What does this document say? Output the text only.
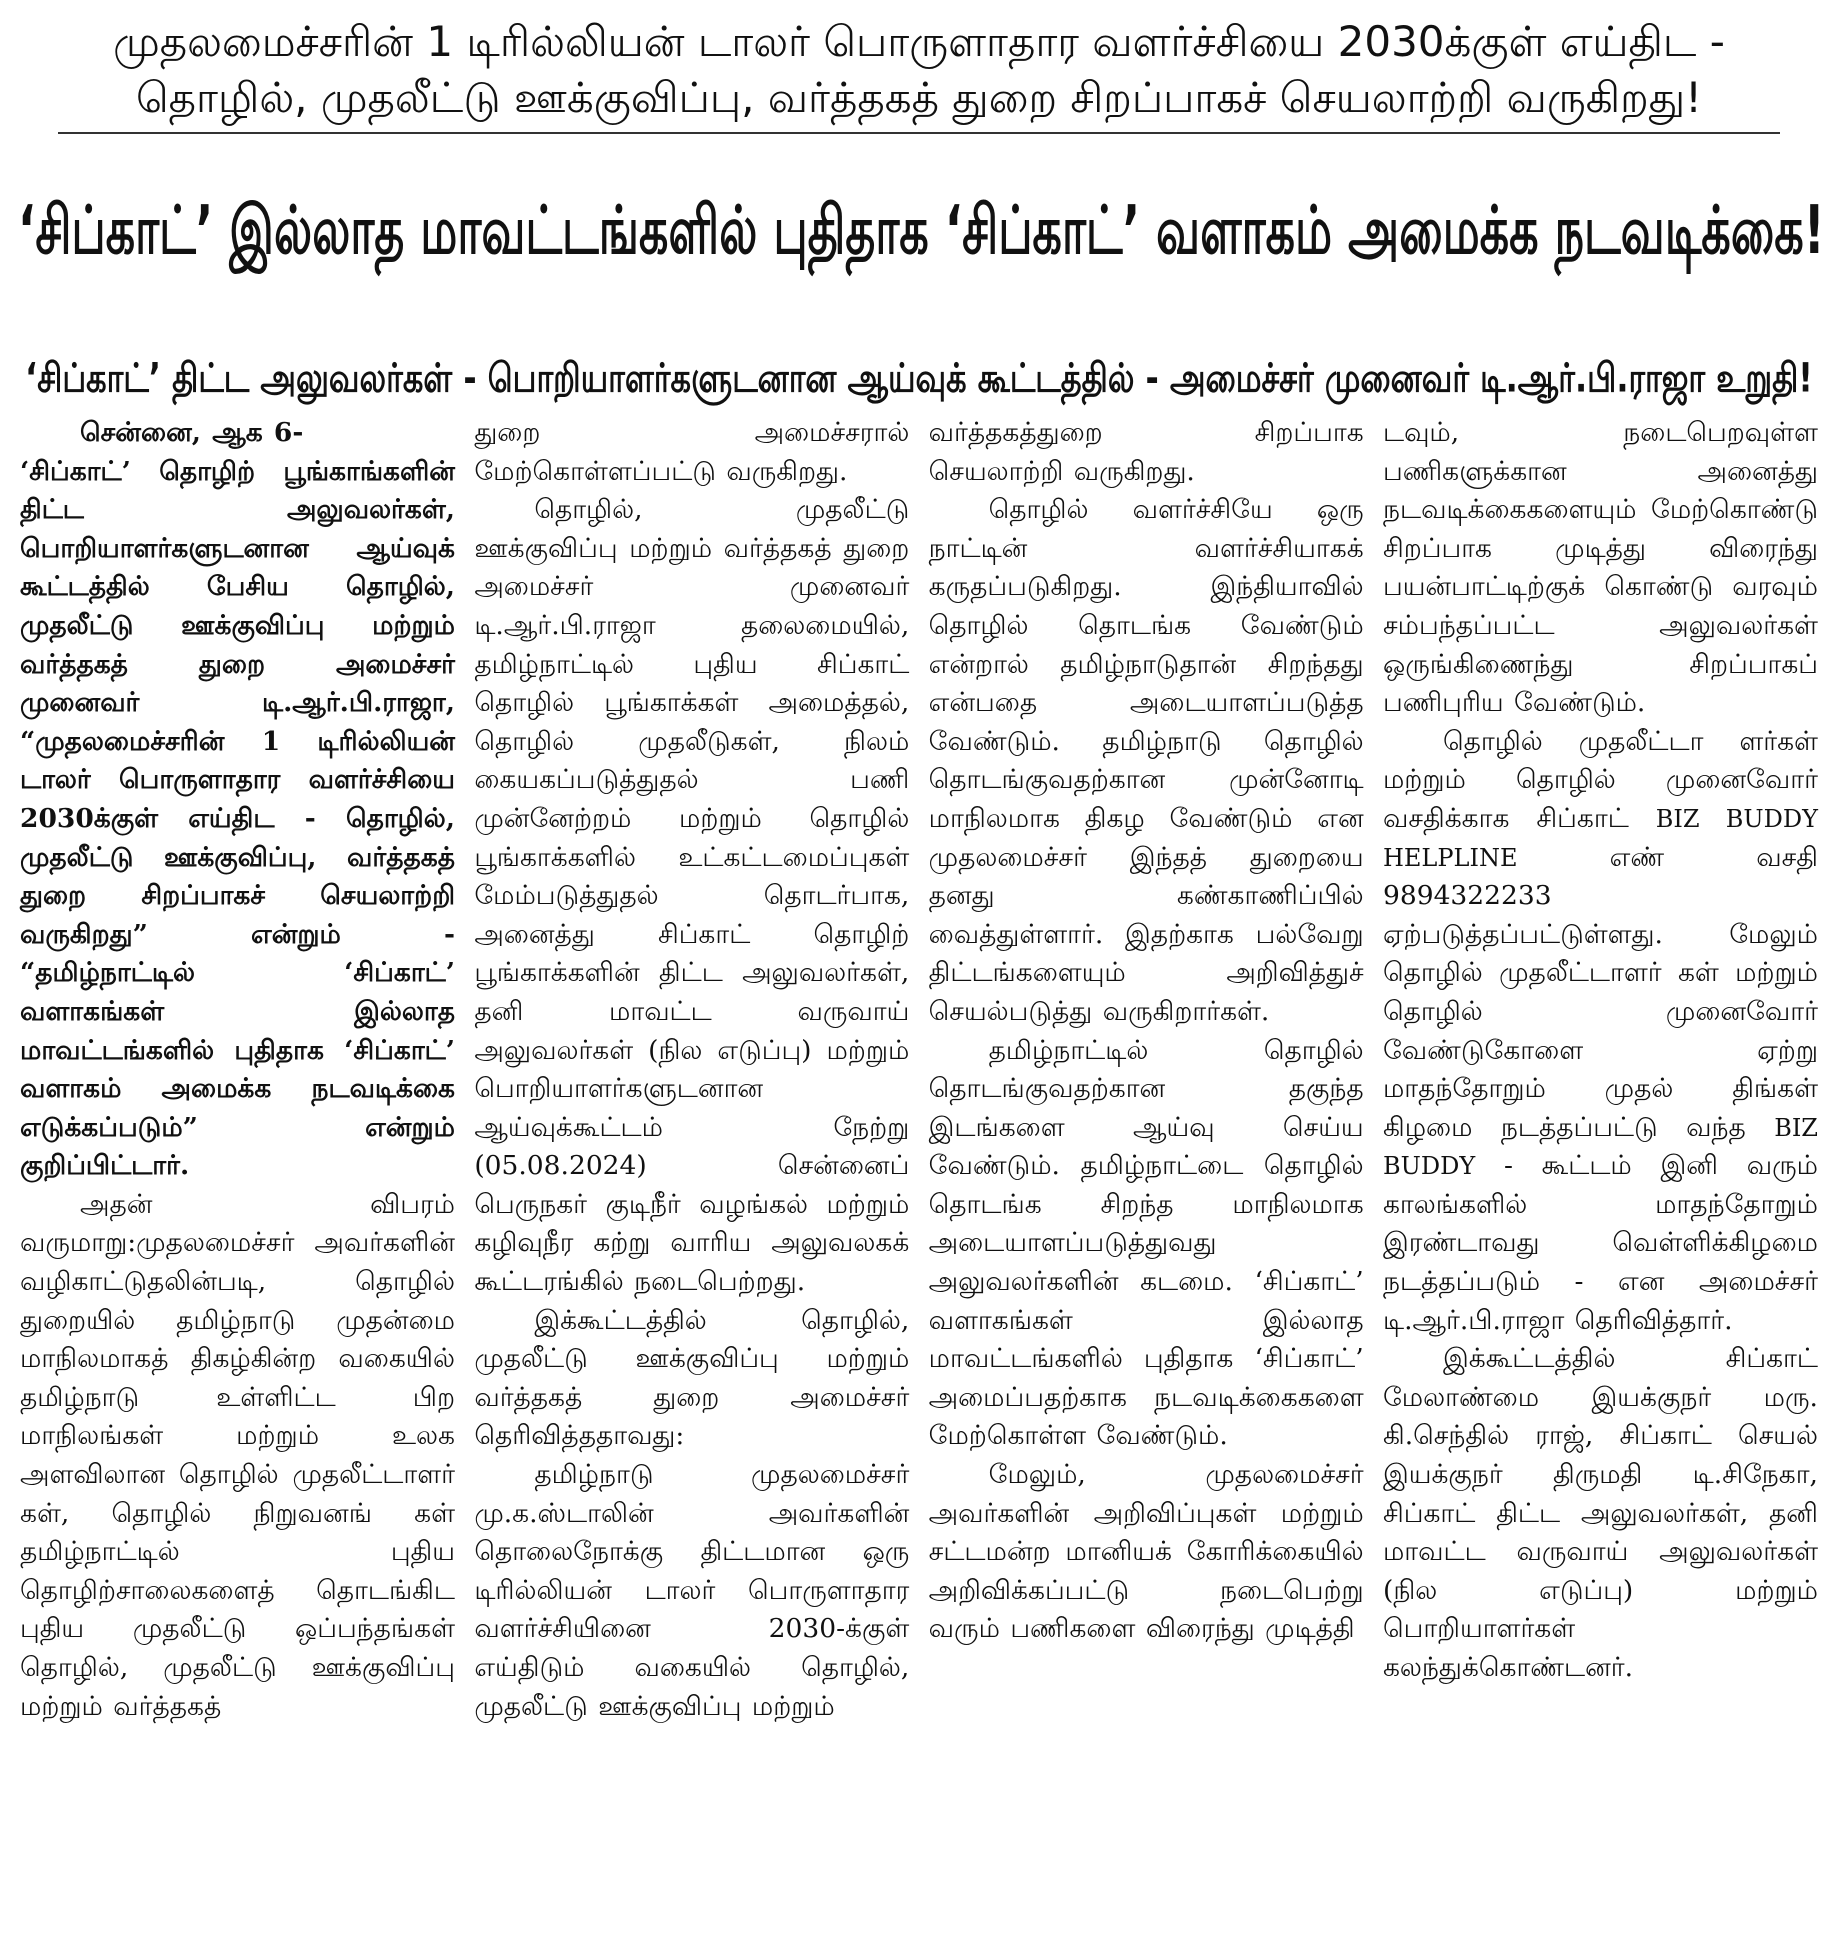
முதலமைச்சரின் 1 டிரில்லியன் டாலர் பொருளாதார வளர்ச்சியை 2030க்குள் எய்திட -
தொழில், முதலீட்டு ஊக்குவிப்பு, வர்த்தகத் துறை சிறப்பாகச் செயலாற்றி வருகிறது!
‘சிப்காட்’ இல்லாத மாவட்டங்களில் புதிதாக ‘சிப்காட்’ வளாகம் அமைக்க நடவடிக்கை!
‘சிப்காட்’ திட்ட அலுவலர்கள் - பொறியாளர்களுடனான ஆய்வுக் கூட்டத்தில் - அமைச்சர் முனைவர் டி.ஆர்.பி.ராஜா உறுதி!

சென்னை, ஆக 6-

‘சிப்காட்’ தொழிற் பூங்காங்களின் திட்ட அலுவலர்கள், பொறியாளர்களுடனான ஆய்வுக் கூட்டத்தில் பேசிய தொழில், முதலீட்டு ஊக்குவிப்பு மற்றும் வர்த்தகத் துறை அமைச்சர் முனைவர் டி.ஆர்.பி.ராஜா, “முதலமைச்சரின் 1 டிரில்லியன் டாலர் பொருளாதார வளர்ச்சியை 2030க்குள் எய்திட - தொழில், முதலீட்டு ஊக்குவிப்பு, வர்த்தகத் துறை சிறப்பாகச் செயலாற்றி வருகிறது” என்றும் - “தமிழ்நாட்டில் ‘சிப்காட்’ வளாகங்கள் இல்லாத மாவட்டங்களில் புதிதாக ‘சிப்காட்’ வளாகம் அமைக்க நடவடிக்கை எடுக்கப்படும்” என்றும் குறிப்பிட்டார்.

அதன் விபரம் வருமாறு:முதலமைச்சர் அவர்களின் வழிகாட்டுதலின்படி, தொழில் துறையில் தமிழ்நாடு முதன்மை மாநிலமாகத் திகழ்கின்ற வகையில் தமிழ்நாடு உள்ளிட்ட பிற மாநிலங்கள் மற்றும் உலக அளவிலான தொழில் முதலீட்டாளர் கள், தொழில் நிறுவனங் கள் தமிழ்நாட்டில் புதிய தொழிற்சாலைகளைத் தொடங்கிட புதிய முதலீட்டு ஒப்பந்தங்கள் தொழில், முதலீட்டு ஊக்குவிப்பு மற்றும் வர்த்தகத்

துறை அமைச்சரால் மேற்கொள்ளப்பட்டு வருகிறது.

தொழில், முதலீட்டு ஊக்குவிப்பு மற்றும் வர்த்தகத் துறை அமைச்சர் முனைவர் டி.ஆர்.பி.ராஜா தலைமையில், தமிழ்நாட்டில் புதிய சிப்காட் தொழில் பூங்காக்கள் அமைத்தல், தொழில் முதலீடுகள், நிலம் கையகப்படுத்துதல் பணி முன்னேற்றம் மற்றும் தொழில் பூங்காக்களில் உட்கட்டமைப்புகள் மேம்படுத்துதல் தொடர்பாக, அனைத்து சிப்காட் தொழிற் பூங்காக்களின் திட்ட அலுவலர்கள், தனி மாவட்ட வருவாய் அலுவலர்கள் (நில எடுப்பு) மற்றும் பொறியாளர்களுடனான ஆய்வுக்கூட்டம் நேற்று (05.08.2024) சென்னைப் பெருநகர் குடிநீர் வழங்கல் மற்றும் கழிவுநீர கற்று வாரிய அலுவலகக் கூட்டரங்கில் நடைபெற்றது.

இக்கூட்டத்தில் தொழில், முதலீட்டு ஊக்குவிப்பு மற்றும் வர்த்தகத் துறை அமைச்சர் தெரிவித்ததாவது:

தமிழ்நாடு முதலமைச்சர் மு.க.ஸ்டாலின் அவர்களின் தொலைநோக்கு திட்டமான ஒரு டிரில்லியன் டாலர் பொருளாதார வளர்ச்சியினை 2030-க்குள் எய்திடும் வகையில் தொழில், முதலீட்டு ஊக்குவிப்பு மற்றும்

வர்த்தகத்துறை சிறப்பாக செயலாற்றி வருகிறது.

தொழில் வளர்ச்சியே ஒரு நாட்டின் வளர்ச்சியாகக் கருதப்படுகிறது. இந்தியாவில் தொழில் தொடங்க வேண்டும் என்றால் தமிழ்நாடுதான் சிறந்தது என்பதை அடையாளப்படுத்த வேண்டும். தமிழ்நாடு தொழில் தொடங்குவதற்கான முன்னோடி மாநிலமாக திகழ வேண்டும் என முதலமைச்சர் இந்தத் துறையை தனது கண்காணிப்பில் வைத்துள்ளார். இதற்காக பல்வேறு திட்டங்களையும் அறிவித்துச் செயல்படுத்து வருகிறார்கள்.

தமிழ்நாட்டில் தொழில் தொடங்குவதற்கான தகுந்த இடங்களை ஆய்வு செய்ய வேண்டும். தமிழ்நாட்டை தொழில் தொடங்க சிறந்த மாநிலமாக அடையாளப்படுத்துவது அலுவலர்களின் கடமை. ‘சிப்காட்’ வளாகங்கள் இல்லாத மாவட்டங்களில் புதிதாக ‘சிப்காட்’ அமைப்பதற்காக நடவடிக்கைகளை மேற்கொள்ள வேண்டும்.

மேலும், முதலமைச்சர் அவர்களின் அறிவிப்புகள் மற்றும் சட்டமன்ற மானியக் கோரிக்கையில் அறிவிக்கப்பட்டு நடைபெற்று வரும் பணிகளை விரைந்து முடித்தி

டவும், நடைபெறவுள்ள பணிகளுக்கான அனைத்து நடவடிக்கைகளையும் மேற்கொண்டு சிறப்பாக முடித்து விரைந்து பயன்பாட்டிற்குக் கொண்டு வரவும் சம்பந்தப்பட்ட அலுவலர்கள் ஒருங்கிணைந்து சிறப்பாகப் பணிபுரிய வேண்டும்.

தொழில் முதலீட்டா ளர்கள் மற்றும் தொழில் முனைவோர் வசதிக்காக சிப்காட் BIZ BUDDY HELPLINE	எண் வசதி 9894322233 ஏற்படுத்தப்பட்டுள்ளது. மேலும் தொழில் முதலீட்டாளர் கள் மற்றும் தொழில் முனைவோர் வேண்டுகோளை ஏற்று மாதந்தோறும் முதல் திங்கள் கிழமை நடத்தப்பட்டு வந்த BIZ BUDDY - கூட்டம் இனி வரும் காலங்களில் மாதந்தோறும் இரண்டாவது வெள்ளிக்கிழமை நடத்தப்படும் - என அமைச்சர் டி.ஆர்.பி.ராஜா தெரிவித்தார்.

இக்கூட்டத்தில் சிப்காட் மேலாண்மை இயக்குநர் மரு. கி.செந்தில் ராஜ், சிப்காட் செயல் இயக்குநர் திருமதி டி.சிநேகா, சிப்காட் திட்ட அலுவலர்கள், தனி மாவட்ட வருவாய் அலுவலர்கள் (நில எடுப்பு) மற்றும் பொறியாளர்கள் கலந்துக்கொண்டனர்.
